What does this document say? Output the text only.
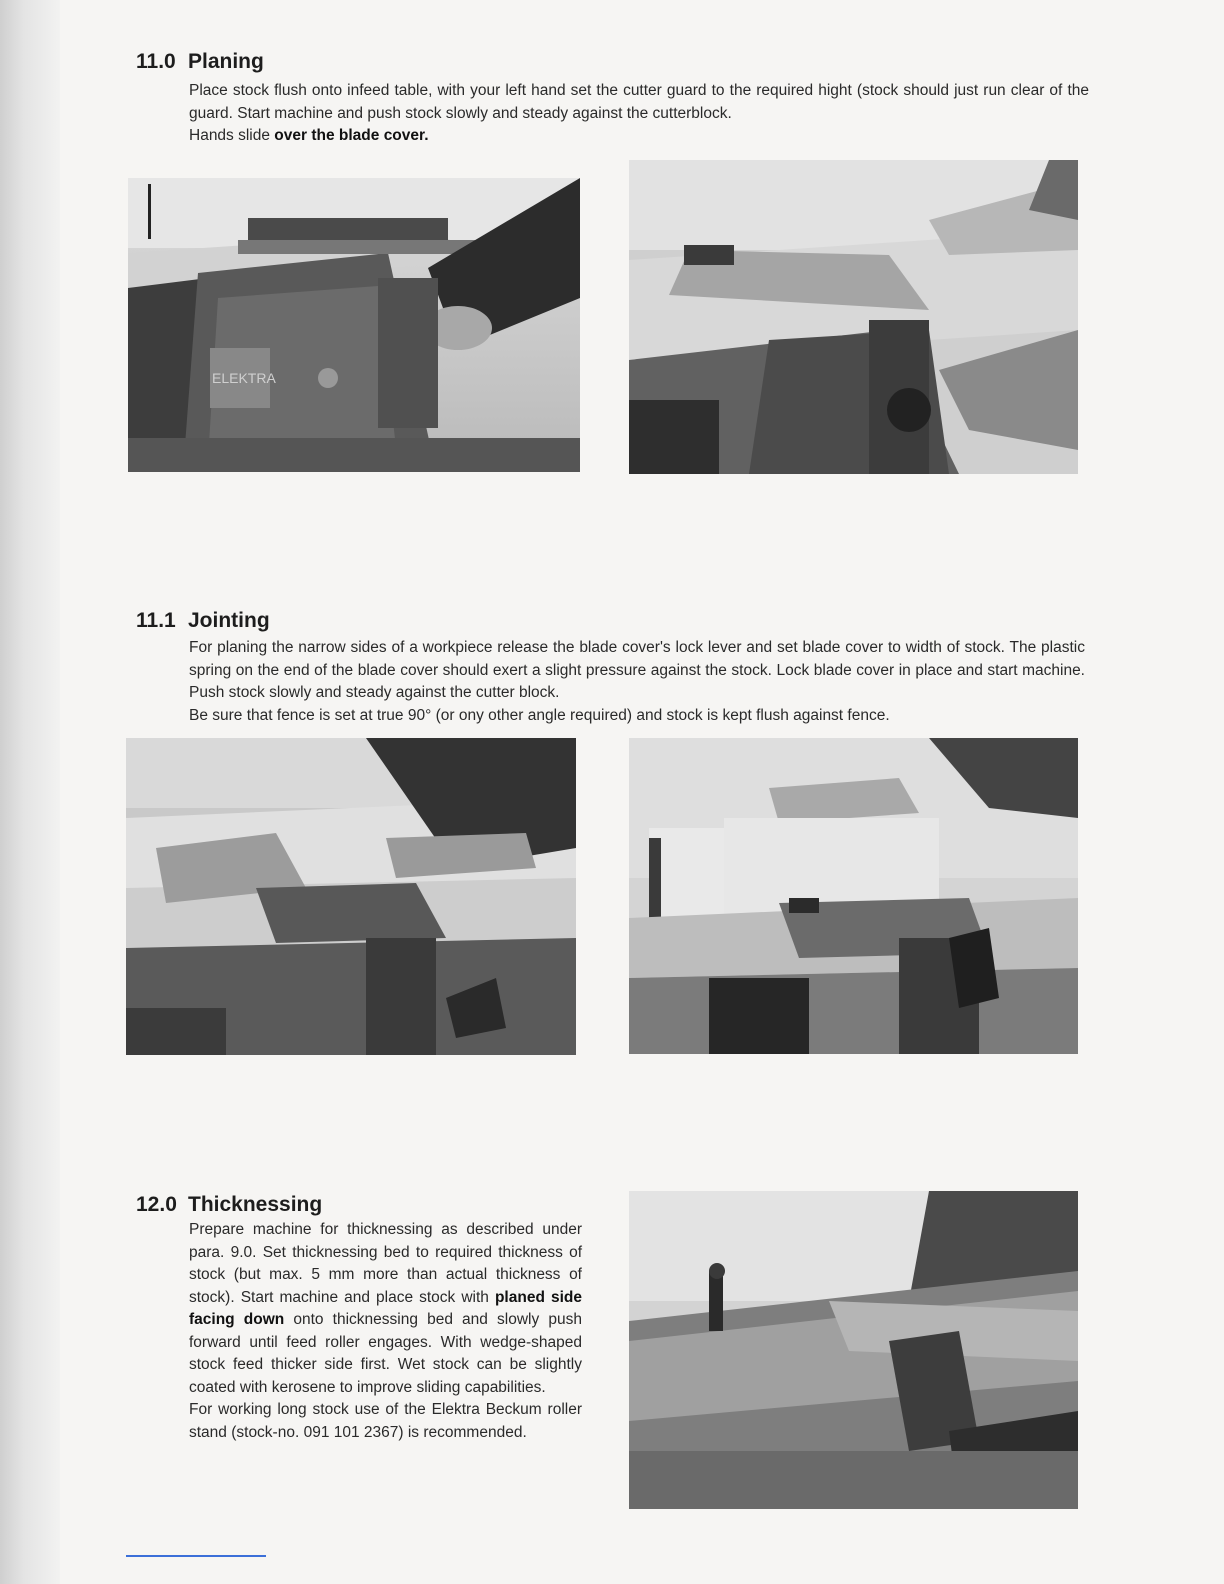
11.0 Planing

Place stock flush onto infeed table, with your left hand set the cutter guard to the required hight (stock should just run clear of the guard. Start machine and push stock slowly and steady against the cutterblock.

Hands slide over the blade cover.

ELEKTRA
11.1 Jointing

For planing the narrow sides of a workpiece release the blade cover's lock lever and set blade cover to width of stock. The plastic spring on the end of the blade cover should exert a slight pressure against the stock. Lock blade cover in place and start machine. Push stock slowly and steady against the cutter block.

Be sure that fence is set at true 90° (or ony other angle required) and stock is kept flush against fence.

12.0 Thicknessing

Prepare machine for thicknessing as described under para. 9.0. Set thicknessing bed to required thickness of stock (but max. 5 mm more than actual thickness of stock). Start machine and place stock with planed side facing down onto thicknessing bed and slowly push forward until feed roller engages. With wedge-shaped stock feed thicker side first. Wet stock can be slightly coated with kerosene to improve sliding capabilities.

For working long stock use of the Elektra Beckum roller stand (stock-no. 091 101 2367) is recommended.
